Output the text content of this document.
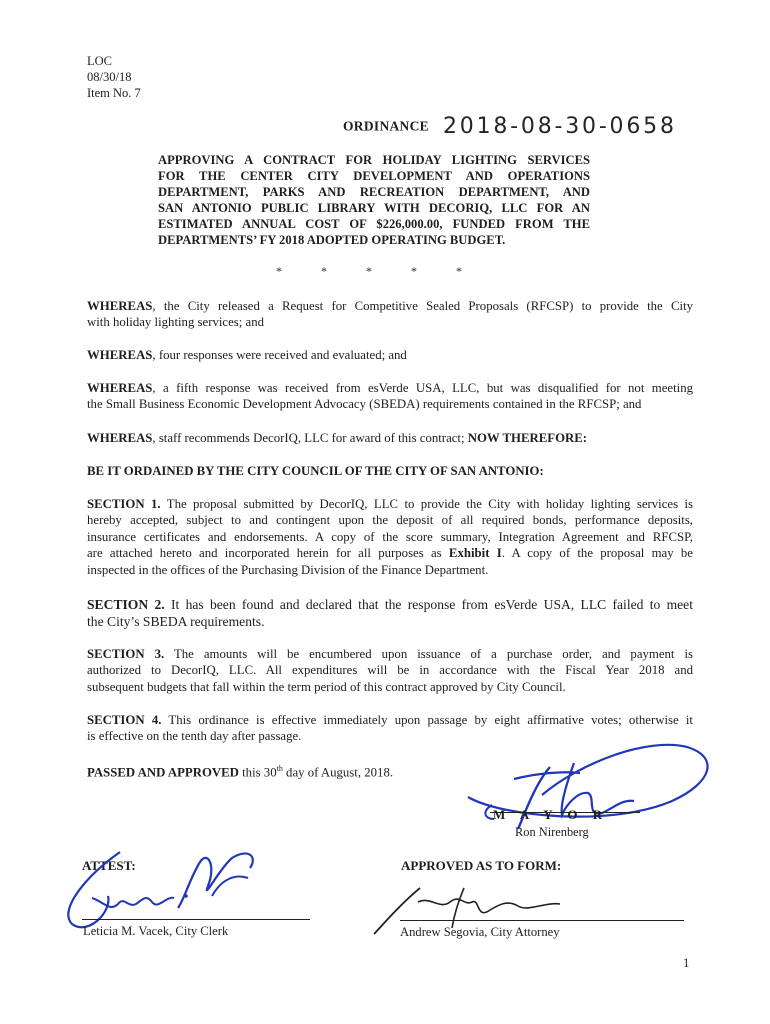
LOC
08/30/18
Item No. 7
ORDINANCE 2018-08-30-0658
APPROVING A CONTRACT FOR HOLIDAY LIGHTING SERVICES
FOR THE CENTER CITY DEVELOPMENT AND OPERATIONS
DEPARTMENT, PARKS AND RECREATION DEPARTMENT, AND
SAN ANTONIO PUBLIC LIBRARY WITH DECORIQ, LLC FOR AN
ESTIMATED ANNUAL COST OF $226,000.00, FUNDED FROM THE
DEPARTMENTS’ FY 2018 ADOPTED OPERATING BUDGET.
*	*	*	*	*
WHEREAS, the City released a Request for Competitive Sealed Proposals (RFCSP) to provide the City
with holiday lighting services; and
WHEREAS, four responses were received and evaluated; and
WHEREAS, a fifth response was received from esVerde USA, LLC, but was disqualified for not meeting
the Small Business Economic Development Advocacy (SBEDA) requirements contained in the RFCSP; and
WHEREAS, staff recommends DecorIQ, LLC for award of this contract; NOW THEREFORE:
BE IT ORDAINED BY THE CITY COUNCIL OF THE CITY OF SAN ANTONIO:
SECTION 1. The proposal submitted by DecorIQ, LLC to provide the City with holiday lighting services is
hereby accepted, subject to and contingent upon the deposit of all required bonds, performance deposits,
insurance certificates and endorsements. A copy of the score summary, Integration Agreement and RFCSP,
are attached hereto and incorporated herein for all purposes as Exhibit I. A copy of the proposal may be
inspected in the offices of the Purchasing Division of the Finance Department.
SECTION 2. It has been found and declared that the response from esVerde USA, LLC failed to meet
the City’s SBEDA requirements.
SECTION 3. The amounts will be encumbered upon issuance of a purchase order, and payment is
authorized to DecorIQ, LLC. All expenditures will be in accordance with the Fiscal Year 2018 and
subsequent budgets that fall within the term period of this contract approved by City Council.
SECTION 4. This ordinance is effective immediately upon passage by eight affirmative votes; otherwise it
is effective on the tenth day after passage.
PASSED AND APPROVED this 30th day of August, 2018.
M A Y O R
Ron Nirenberg
ATTEST:
Leticia M. Vacek, City Clerk
APPROVED AS TO FORM:
Andrew Segovia, City Attorney
1
